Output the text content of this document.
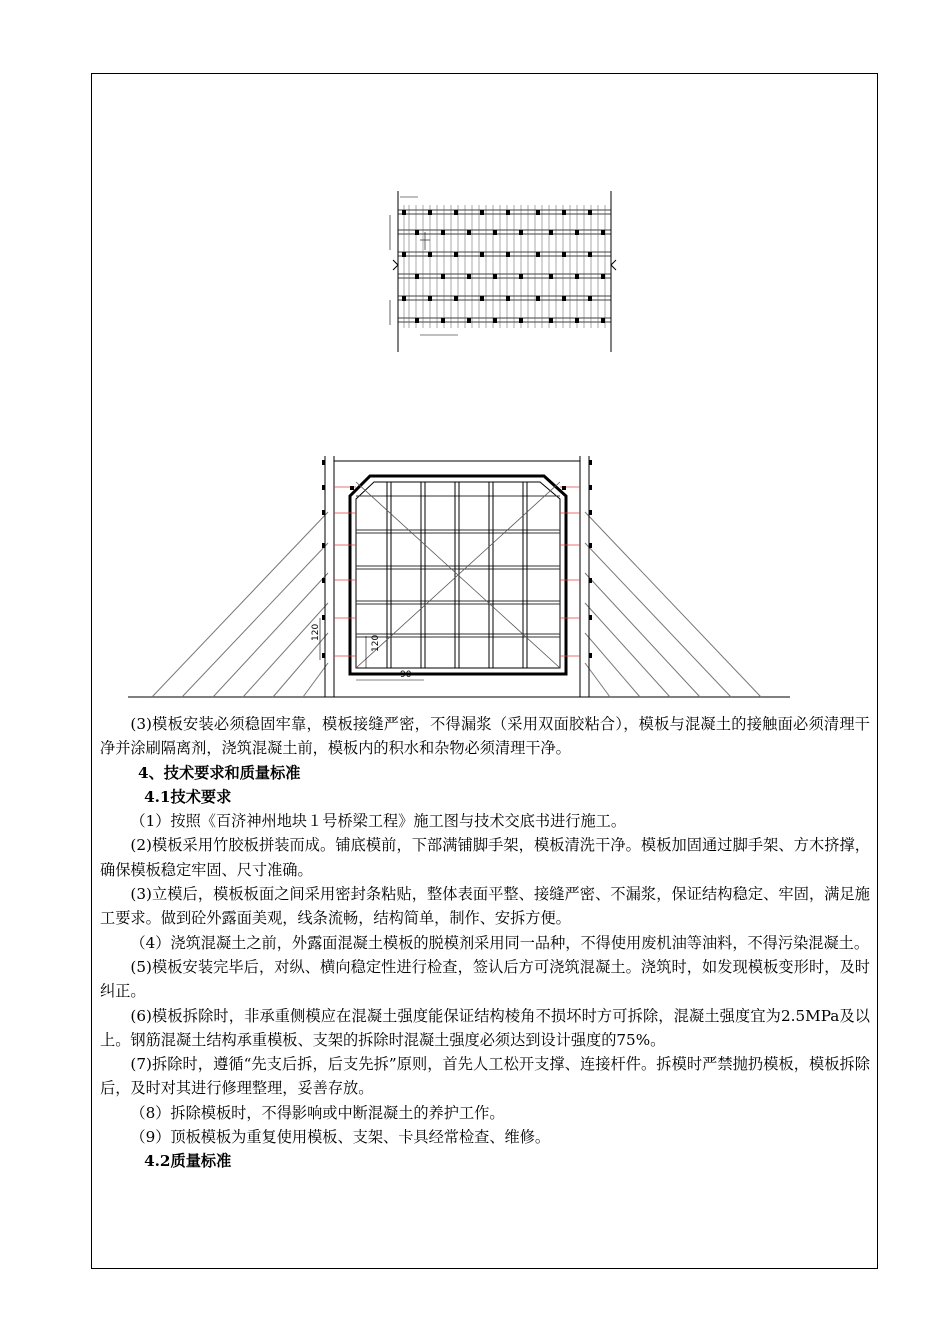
120
120
90

(3)模板安装必须稳固牢靠，模板接缝严密，不得漏浆（采用双面胶粘合），模板与混凝土的接触面必须清理干净并涂刷隔离剂，浇筑混凝土前，模板内的积水和杂物必须清理干净。

4、技术要求和质量标准

4.1技术要求

（1）按照《百济神州地块１号桥梁工程》施工图与技术交底书进行施工。

(2)模板采用竹胶板拼装而成。铺底模前，下部满铺脚手架，模板清洗干净。模板加固通过脚手架、方木挤撑，确保模板稳定牢固、尺寸准确。

(3)立模后，模板板面之间采用密封条粘贴，整体表面平整、接缝严密、不漏浆，保证结构稳定、牢固，满足施工要求。做到砼外露面美观，线条流畅，结构简单，制作、安拆方便。

（4）浇筑混凝土之前，外露面混凝土模板的脱模剂采用同一品种，不得使用废机油等油料，不得污染混凝土。

(5)模板安装完毕后，对纵、横向稳定性进行检查，签认后方可浇筑混凝土。浇筑时，如发现模板变形时，及时纠正。

(6)模板拆除时，非承重侧模应在混凝土强度能保证结构棱角不损坏时方可拆除，混凝土强度宜为2.5MPa及以上。钢筋混凝土结构承重模板、支架的拆除时混凝土强度必须达到设计强度的75%。

(7)拆除时，遵循“先支后拆，后支先拆”原则，首先人工松开支撑、连接杆件。拆模时严禁抛扔模板，模板拆除后，及时对其进行修理整理，妥善存放。

（8）拆除模板时，不得影响或中断混凝土的养护工作。

（9）顶板模板为重复使用模板、支架、卡具经常检查、维修。

4.2质量标准
